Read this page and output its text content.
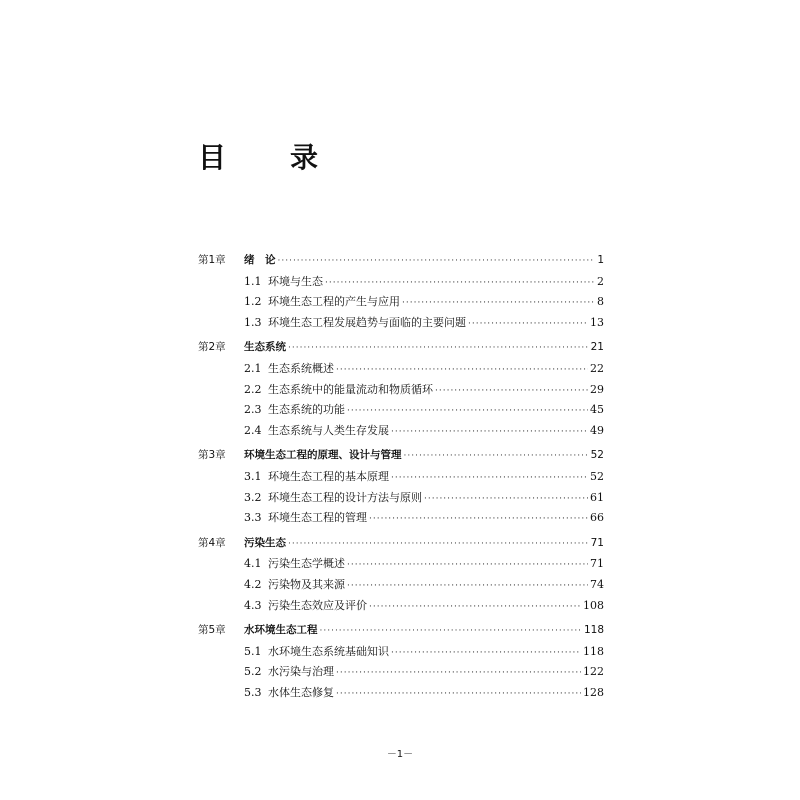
目　录
第1章	绪　论 ·····	1
1.1 环境与生态 ·····	2
1.2 环境生态工程的产生与应用 ·····	8
1.3 环境生态工程发展趋势与面临的主要问题 ·····	13
第2章	生态系统 ·····	21
2.1 生态系统概述 ·····	22
2.2 生态系统中的能量流动和物质循环 ·····	29
2.3 生态系统的功能 ·····	45
2.4 生态系统与人类生存发展 ·····	49
第3章	环境生态工程的原理、设计与管理 ·····	52
3.1 环境生态工程的基本原理 ·····	52
3.2 环境生态工程的设计方法与原则 ·····	61
3.3 环境生态工程的管理 ·····	66
第4章	污染生态 ·····	71
4.1 污染生态学概述 ·····	71
4.2 污染物及其来源 ·····	74
4.3 污染生态效应及评价 ·····	108
第5章	水环境生态工程 ·····	118
5.1 水环境生态系统基础知识 ·····	118
5.2 水污染与治理 ·····	122
5.3 水体生态修复 ·····	128
－1－
